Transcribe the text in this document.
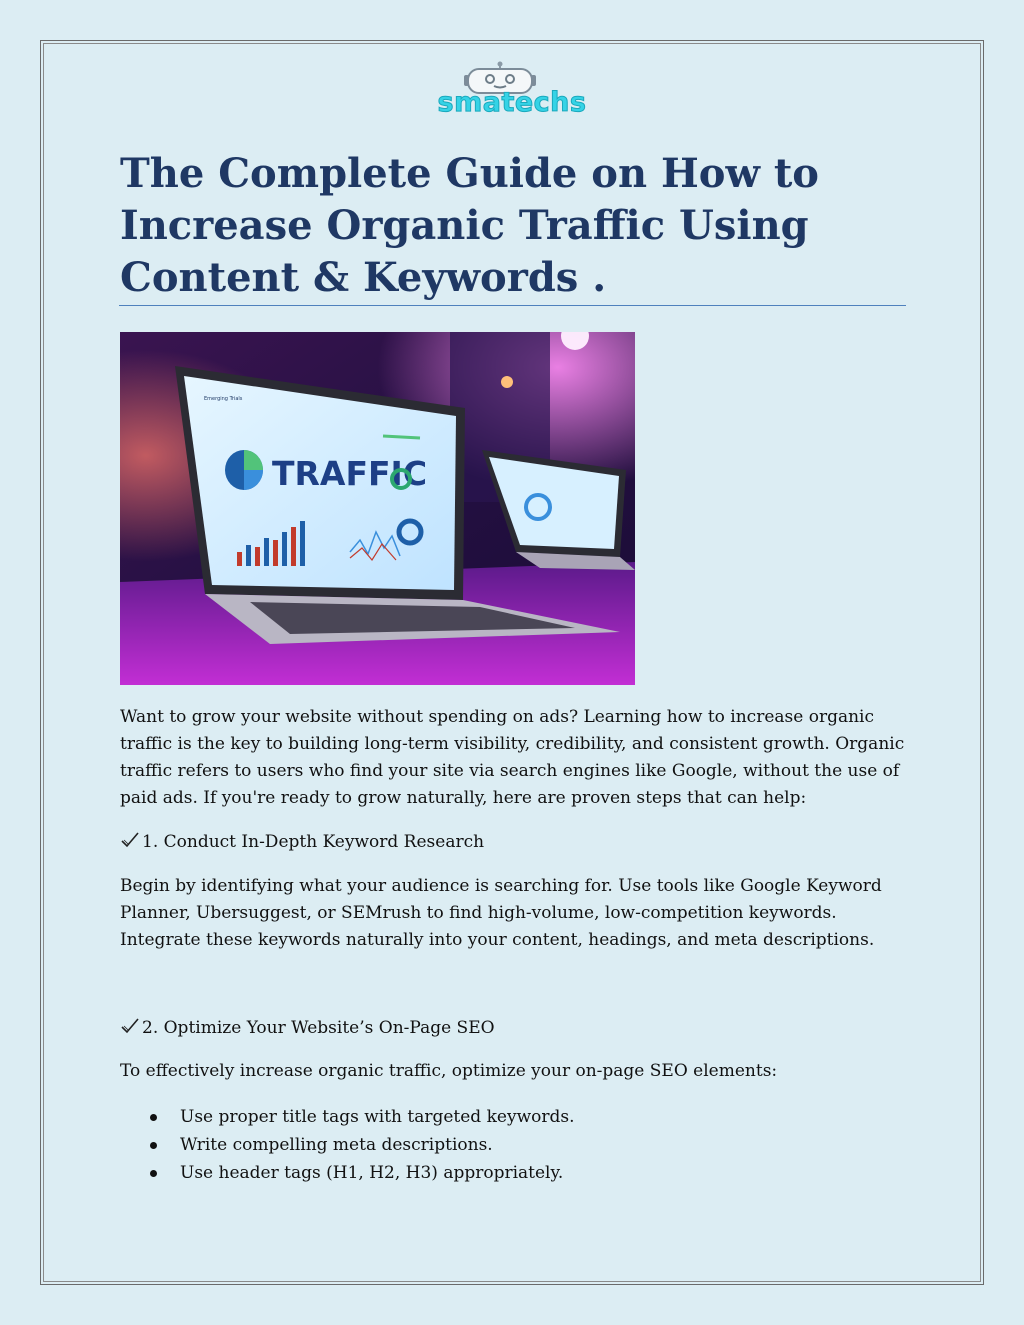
smatechs
The Complete Guide on How to Increase Organic Traffic Using Content & Keywords .
TRAFFIC
Emerging Trials

Want to grow your website without spending on ads? Learning how to increase organic traffic is the key to building long-term visibility, credibility, and consistent growth. Organic traffic refers to users who find your site via search engines like Google, without the use of paid ads. If you're ready to grow naturally, here are proven steps that can help:

1. Conduct In-Depth Keyword Research

Begin by identifying what your audience is searching for. Use tools like Google Keyword Planner, Ubersuggest, or SEMrush to find high-volume, low-competition keywords. Integrate these keywords naturally into your content, headings, and meta descriptions.

2. Optimize Your Website’s On-Page SEO

To effectively increase organic traffic, optimize your on-page SEO elements:

Use proper title tags with targeted keywords.
Write compelling meta descriptions.
Use header tags (H1, H2, H3) appropriately.
